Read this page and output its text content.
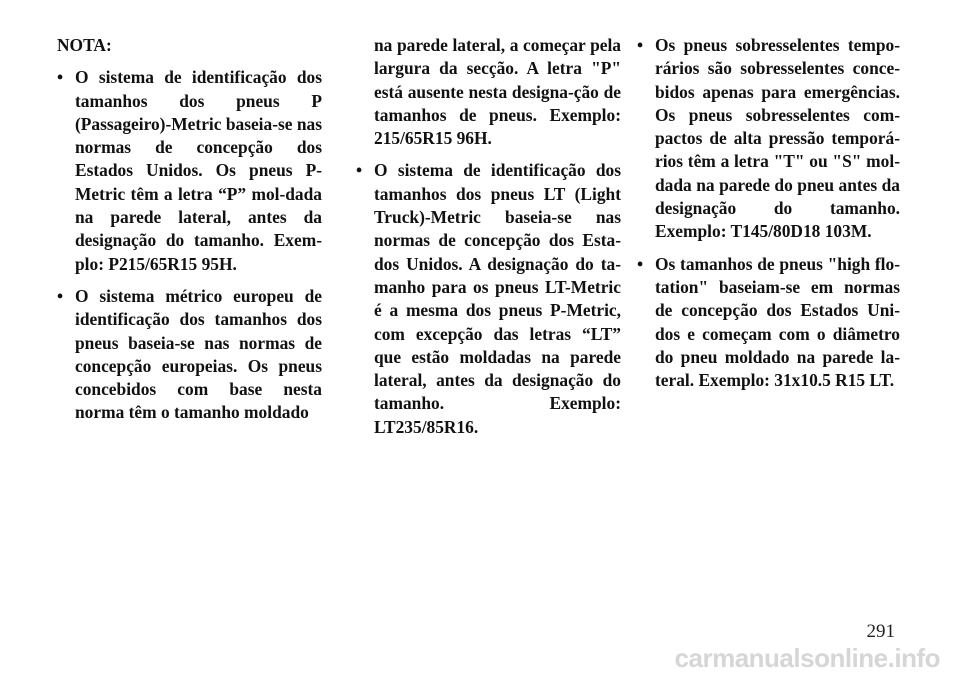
NOTA:
• O sistema de identificação dos tamanhos dos pneus P (Passageiro)-Metric baseia-se nas normas de concepção dos Estados Unidos. Os pneus P-Metric têm a letra “P” mol-dada na parede lateral, antes da designação do tamanho. Exem-plo: P215/65R15 95H.
• O sistema métrico europeu de identificação dos tamanhos dos pneus baseia-se nas normas de concepção europeias. Os pneus concebidos com base nesta norma têm o tamanho moldado
na parede lateral, a começar pela largura da secção. A letra "P" está ausente nesta designa-ção de tamanhos de pneus. Exemplo: 215/65R15 96H.
• O sistema de identificação dos tamanhos dos pneus LT (Light Truck)-Metric baseia-se nas normas de concepção dos Esta-dos Unidos. A designação do ta-manho para os pneus LT-Metric é a mesma dos pneus P-Metric, com excepção das letras “LT” que estão moldadas na parede lateral, antes da designação do tamanho. Exemplo: LT235/85R16.
• Os pneus sobresselentes tempo-rários são sobresselentes conce-bidos apenas para emergências. Os pneus sobresselentes com-pactos de alta pressão temporá-rios têm a letra "T" ou "S" mol-dada na parede do pneu antes da designação do tamanho. Exemplo: T145/80D18 103M.
• Os tamanhos de pneus "high flo-tation" baseiam-se em normas de concepção dos Estados Uni-dos e começam com o diâmetro do pneu moldado na parede la-teral. Exemplo: 31x10.5 R15 LT.
291
carmanualsonline.info
